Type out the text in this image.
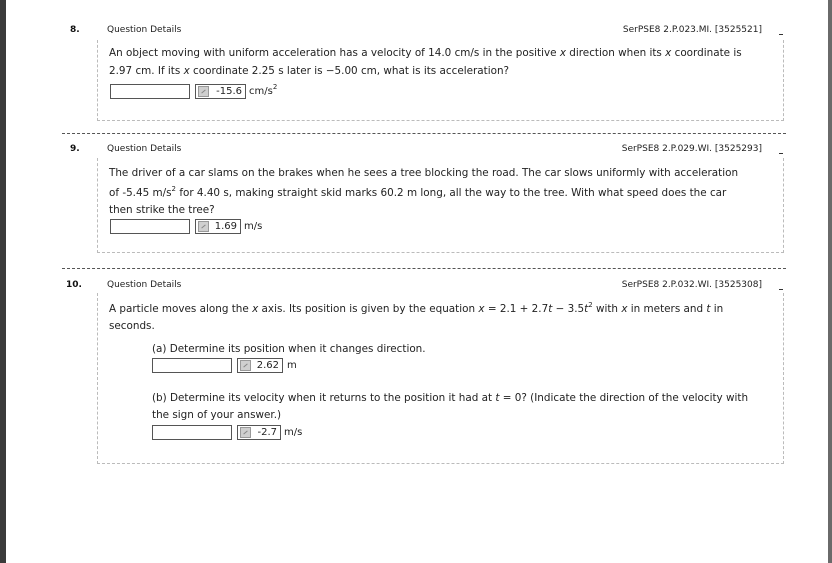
8.	Question Details	SerPSE8 2.P.023.MI. [3525521]
An object moving with uniform acceleration has a velocity of 14.0 cm/s in the positive x direction when its x coordinate is
2.97 cm. If its x coordinate 2.25 s later is −5.00 cm, what is its acceleration?
-15.6 $cm/s^2$
9.	Question Details	SerPSE8 2.P.029.WI. [3525293]
The driver of a car slams on the brakes when he sees a tree blocking the road. The car slows uniformly with acceleration
of -5.45 $m/s^2$ for 4.40 s, making straight skid marks 60.2 m long, all the way to the tree. With what speed does the car
then strike the tree?
1.69 m/s
10.	Question Details	SerPSE8 2.P.032.WI. [3525308]
A particle moves along the x axis. Its position is given by the equation $x = 2.1 + 2.7t - 3.5t^2$ with x in meters and t in
seconds.
(a) Determine its position when it changes direction.
2.62 m
(b) Determine its velocity when it returns to the position it had at t = 0? (Indicate the direction of the velocity with
the sign of your answer.)
-2.7 m/s
